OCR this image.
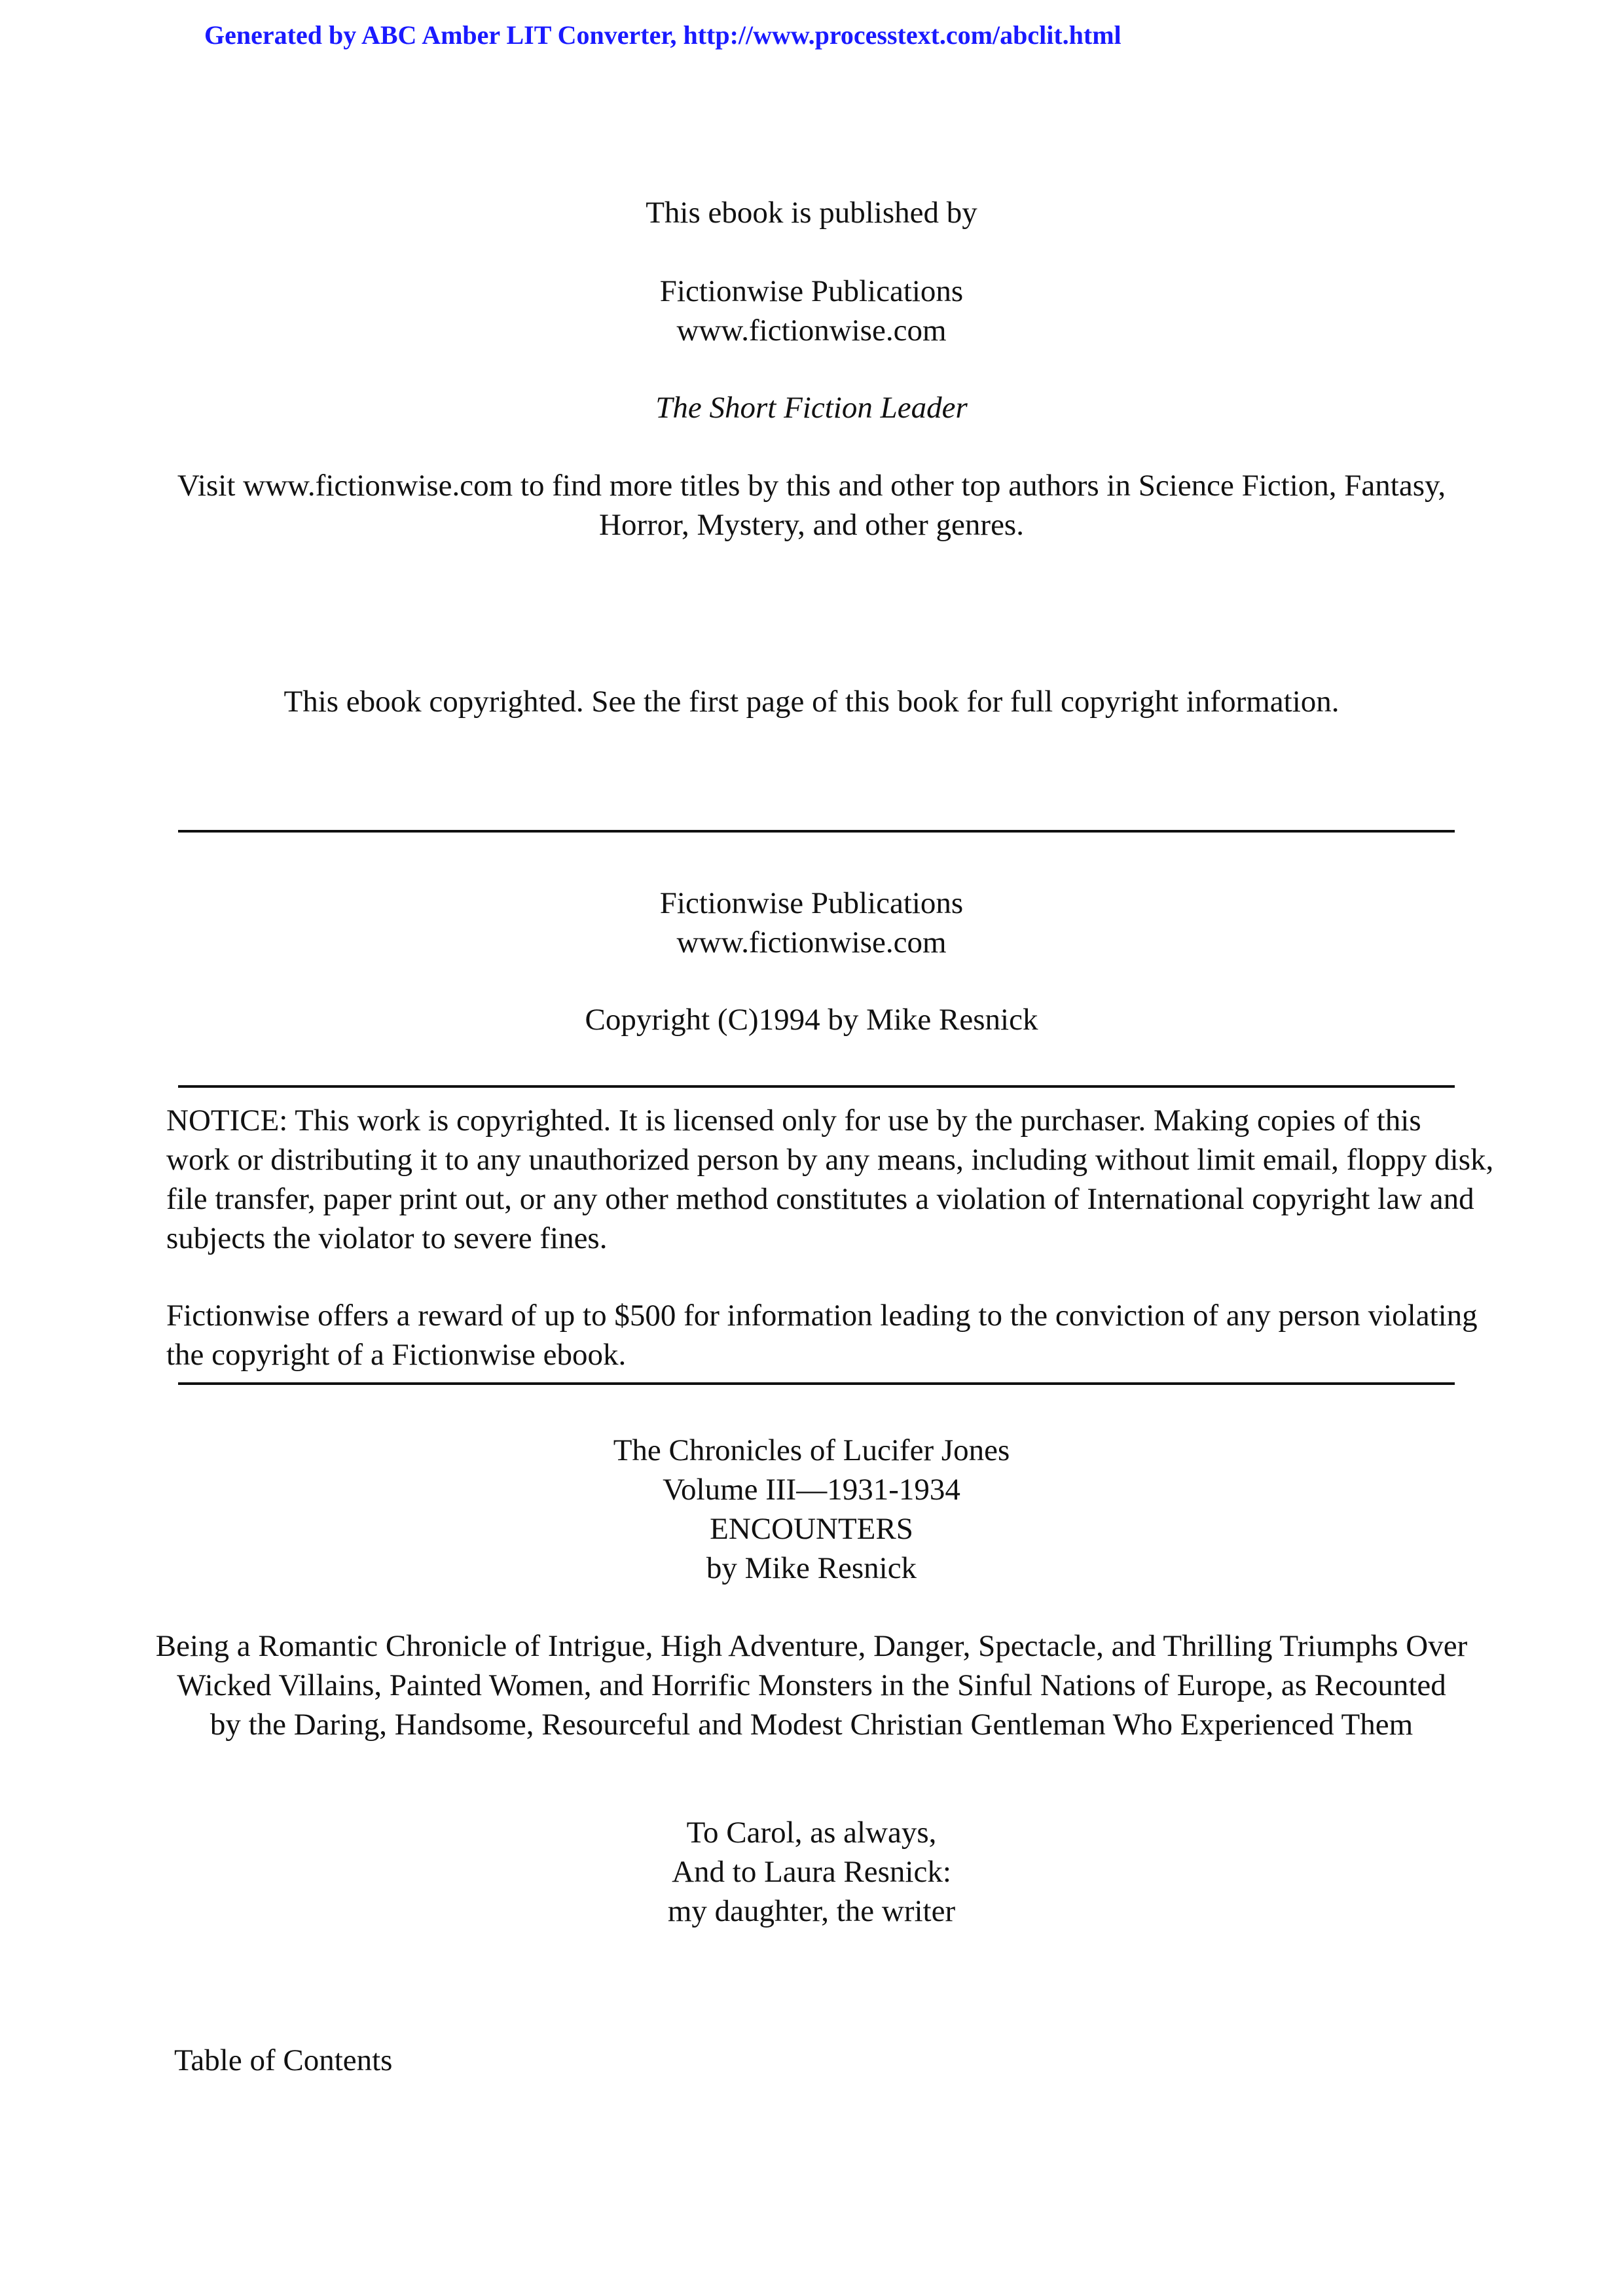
Generated by ABC Amber LIT Converter, http://www.processtext.com/abclit.html
This ebook is published by
Fictionwise Publications
www.fictionwise.com
The Short Fiction Leader
Visit www.fictionwise.com to find more titles by this and other top authors in Science Fiction, Fantasy,
Horror, Mystery, and other genres.
This ebook copyrighted. See the first page of this book for full copyright information.
Fictionwise Publications
www.fictionwise.com
Copyright (C)1994 by Mike Resnick
NOTICE: This work is copyrighted. It is licensed only for use by the purchaser. Making copies of this
work or distributing it to any unauthorized person by any means, including without limit email, floppy disk,
file transfer, paper print out, or any other method constitutes a violation of International copyright law and
subjects the violator to severe fines.
Fictionwise offers a reward of up to $500 for information leading to the conviction of any person violating
the copyright of a Fictionwise ebook.
The Chronicles of Lucifer Jones
Volume III—1931-1934
ENCOUNTERS
by Mike Resnick
Being a Romantic Chronicle of Intrigue, High Adventure, Danger, Spectacle, and Thrilling Triumphs Over
Wicked Villains, Painted Women, and Horrific Monsters in the Sinful Nations of Europe, as Recounted
by the Daring, Handsome, Resourceful and Modest Christian Gentleman Who Experienced Them
To Carol, as always,
And to Laura Resnick:
my daughter, the writer
Table of Contents
